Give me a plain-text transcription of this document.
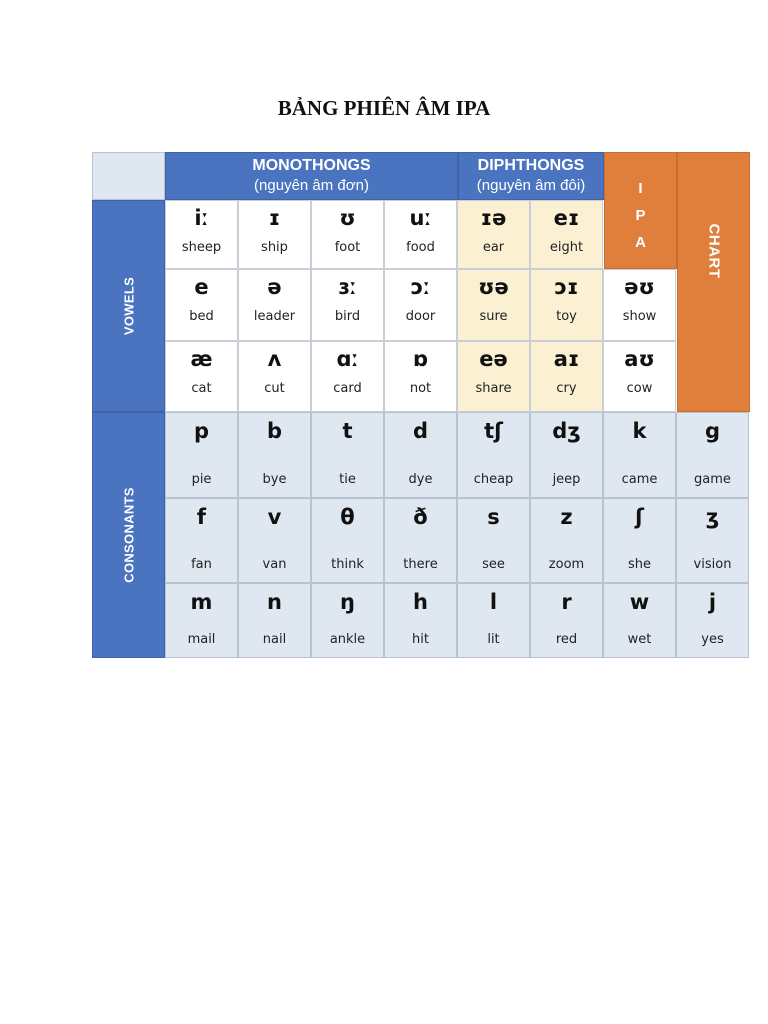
BẢNG PHIÊN ÂM IPA
MONOTHONGS
(nguyên âm đơn)
DIPHTHONGS
(nguyên âm đôi)	I
P
A	CHART
VOWELS
CONSONANTS
iː
sheep
ɪ
ship
ʊ
foot
uː
food
ɪə
ear
eɪ
eight
e
bed
ə
leader
ɜː
bird
ɔː
door
ʊə
sure
ɔɪ
toy
əʊ
show
æ
cat
ʌ
cut
ɑː
card
ɒ
not
eə
share
aɪ
cry
aʊ
cow
p
pie
b
bye
t
tie
d
dye
tʃ
cheap
dʒ
jeep
k
came
g
game
f
fan
v
van
θ
think
ð
there
s
see
z
zoom
ʃ
she
ʒ
vision
m
mail
n
nail
ŋ
ankle
h
hit
l
lit
r
red
w
wet
j
yes
